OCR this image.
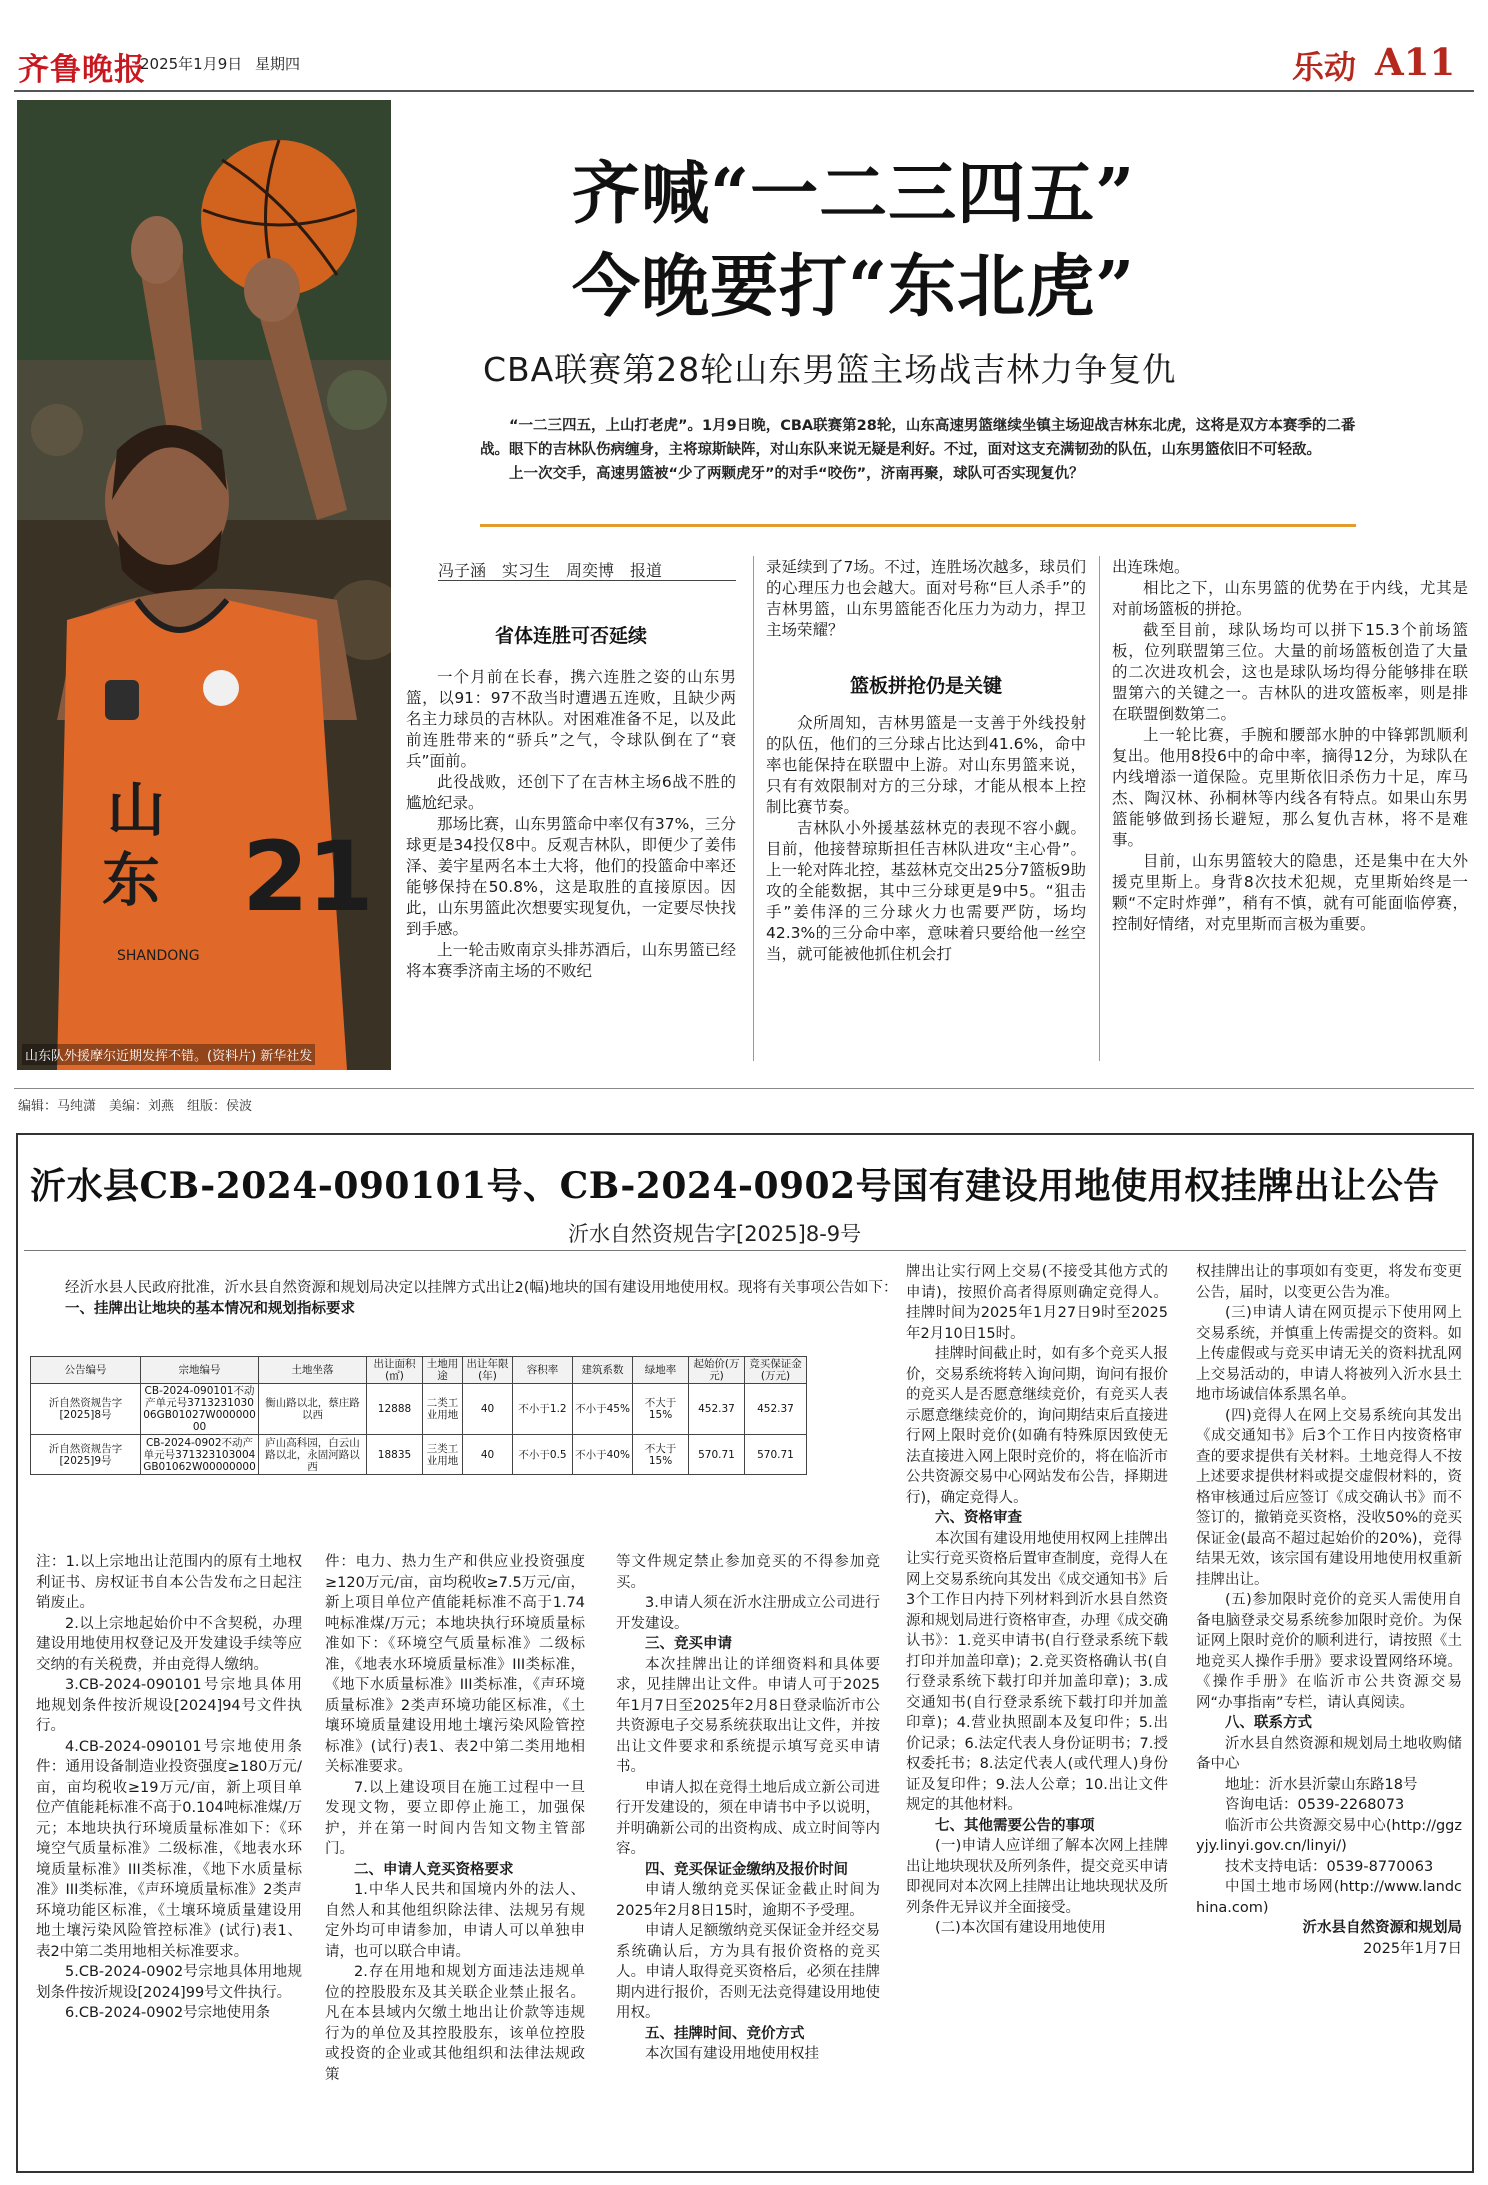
齐鲁晚报
2025年1月9日 星期四	乐动 A11
山
东 2
1
SHANDONG
山东队外援摩尔近期发挥不错。(资料片) 新华社发
齐喊“一二三四五”
今晚要打“东北虎”
CBA联赛第28轮山东男篮主场战吉林力争复仇

“一二三四五，上山打老虎”。1月9日晚，CBA联赛第28轮，山东高速男篮继续坐镇主场迎战吉林东北虎，这将是双方本赛季的二番战。眼下的吉林队伤病缠身，主将琼斯缺阵，对山东队来说无疑是利好。不过，面对这支充满韧劲的队伍，山东男篮依旧不可轻敌。

上一次交手，高速男篮被“少了两颗虎牙”的对手“咬伤”，济南再聚，球队可否实现复仇？

冯子涵　实习生　周奕博　报道
省体连胜可否延续

一个月前在长春，携六连胜之姿的山东男篮，以91：97不敌当时遭遇五连败，且缺少两名主力球员的吉林队。对困难准备不足，以及此前连胜带来的“骄兵”之气，令球队倒在了“衰兵”面前。

此役战败，还创下了在吉林主场6战不胜的尴尬纪录。

那场比赛，山东男篮命中率仅有37%，三分球更是34投仅8中。反观吉林队，即便少了姜伟泽、姜宇星两名本土大将，他们的投篮命中率还能够保持在50.8%，这是取胜的直接原因。因此，山东男篮此次想要实现复仇，一定要尽快找到手感。

上一轮击败南京头排苏酒后，山东男篮已经将本赛季济南主场的不败纪

录延续到了7场。不过，连胜场次越多，球员们的心理压力也会越大。面对号称“巨人杀手”的吉林男篮，山东男篮能否化压力为动力，捍卫主场荣耀？

篮板拼抢仍是关键

众所周知，吉林男篮是一支善于外线投射的队伍，他们的三分球占比达到41.6%，命中率也能保持在联盟中上游。对山东男篮来说，只有有效限制对方的三分球，才能从根本上控制比赛节奏。

吉林队小外援基兹林克的表现不容小觑。目前，他接替琼斯担任吉林队进攻“主心骨”。上一轮对阵北控，基兹林克交出25分7篮板9助攻的全能数据，其中三分球更是9中5。“狙击手”姜伟泽的三分球火力也需要严防，场均42.3%的三分命中率，意味着只要给他一丝空当，就可能被他抓住机会打

出连珠炮。

相比之下，山东男篮的优势在于内线，尤其是对前场篮板的拼抢。

截至目前，球队场均可以拼下15.3个前场篮板，位列联盟第三位。大量的前场篮板创造了大量的二次进攻机会，这也是球队场均得分能够排在联盟第六的关键之一。吉林队的进攻篮板率，则是排在联盟倒数第二。

上一轮比赛，手腕和腰部水肿的中锋郭凯顺利复出。他用8投6中的命中率，摘得12分，为球队在内线增添一道保险。克里斯依旧杀伤力十足，库马杰、陶汉林、孙桐林等内线各有特点。如果山东男篮能够做到扬长避短，那么复仇吉林，将不是难事。

目前，山东男篮较大的隐患，还是集中在大外援克里斯上。身背8次技术犯规，克里斯始终是一颗“不定时炸弹”，稍有不慎，就有可能面临停赛，控制好情绪，对克里斯而言极为重要。

编辑：马纯潇　美编：刘燕　组版：侯波
沂水县CB-2024-090101号、CB-2024-0902号国有建设用地使用权挂牌出让公告
沂水自然资规告字[2025]8-9号

经沂水县人民政府批准，沂水县自然资源和规划局决定以挂牌方式出让2(幅)地块的国有建设用地使用权。现将有关事项公告如下：

一、挂牌出让地块的基本情况和规划指标要求

公告编号	宗地编号	土地坐落	出让面积(㎡)	土地用途	出让年限(年)	容积率	建筑系数	绿地率	起始价(万元)	竞买保证金(万元)
沂自然资规告字[2025]8号	CB-2024-090101不动产单元号371323103006GB01027W00000000	衡山路以北，蔡庄路以西	12888	二类工业用地	40	不小于1.2	不小于45%	不大于15%	452.37	452.37
沂自然资规告字[2025]9号	CB-2024-0902不动产单元号371323103004GB01062W00000000	庐山高科园，白云山路以北，永固河路以西	18835	三类工业用地	40	不小于0.5	不小于40%	不大于15%	570.71	570.71

注：1.以上宗地出让范围内的原有土地权利证书、房权证书自本公告发布之日起注销废止。

2.以上宗地起始价中不含契税，办理建设用地使用权登记及开发建设手续等应交纳的有关税费，并由竞得人缴纳。

3.CB-2024-090101号宗地具体用地规划条件按沂规设[2024]94号文件执行。

4.CB-2024-090101号宗地使用条件：通用设备制造业投资强度≥180万元/亩，亩均税收≥19万元/亩，新上项目单位产值能耗标准不高于0.104吨标准煤/万元；本地块执行环境质量标准如下：《环境空气质量标准》二级标准，《地表水环境质量标准》III类标准，《地下水质量标准》III类标准，《声环境质量标准》2类声环境功能区标准，《土壤环境质量建设用地土壤污染风险管控标准》(试行)表1、表2中第二类用地相关标准要求。

5.CB-2024-0902号宗地具体用地规划条件按沂规设[2024]99号文件执行。

6.CB-2024-0902号宗地使用条

件：电力、热力生产和供应业投资强度≥120万元/亩，亩均税收≥7.5万元/亩，新上项目单位产值能耗标准不高于1.74吨标准煤/万元；本地块执行环境质量标准如下：《环境空气质量标准》二级标准，《地表水环境质量标准》III类标准，《地下水质量标准》III类标准，《声环境质量标准》2类声环境功能区标准，《土壤环境质量建设用地土壤污染风险管控标准》(试行)表1、表2中第二类用地相关标准要求。

7.以上建设项目在施工过程中一旦发现文物，要立即停止施工，加强保护，并在第一时间内告知文物主管部门。

二、申请人竞买资格要求

1.中华人民共和国境内外的法人、自然人和其他组织除法律、法规另有规定外均可申请参加，申请人可以单独申请，也可以联合申请。

2.存在用地和规划方面违法违规单位的控股股东及其关联企业禁止报名。凡在本县域内欠缴土地出让价款等违规行为的单位及其控股股东，该单位控股或投资的企业或其他组织和法律法规政策

等文件规定禁止参加竞买的不得参加竞买。

3.申请人须在沂水注册成立公司进行开发建设。

三、竞买申请

本次挂牌出让的详细资料和具体要求，见挂牌出让文件。申请人可于2025年1月7日至2025年2月8日登录临沂市公共资源电子交易系统获取出让文件，并按出让文件要求和系统提示填写竞买申请书。

申请人拟在竞得土地后成立新公司进行开发建设的，须在申请书中予以说明，并明确新公司的出资构成、成立时间等内容。

四、竞买保证金缴纳及报价时间

申请人缴纳竞买保证金截止时间为2025年2月8日15时，逾期不予受理。

申请人足额缴纳竞买保证金并经交易系统确认后，方为具有报价资格的竞买人。申请人取得竞买资格后，必须在挂牌期内进行报价，否则无法竞得建设用地使用权。

五、挂牌时间、竞价方式

本次国有建设用地使用权挂

牌出让实行网上交易(不接受其他方式的申请)，按照价高者得原则确定竞得人。挂牌时间为2025年1月27日9时至2025年2月10日15时。

挂牌时间截止时，如有多个竞买人报价，交易系统将转入询问期，询问有报价的竞买人是否愿意继续竞价，有竞买人表示愿意继续竞价的，询问期结束后直接进行网上限时竞价(如确有特殊原因致使无法直接进入网上限时竞价的，将在临沂市公共资源交易中心网站发布公告，择期进行)，确定竞得人。

六、资格审查

本次国有建设用地使用权网上挂牌出让实行竞买资格后置审查制度，竞得人在网上交易系统向其发出《成交通知书》后3个工作日内持下列材料到沂水县自然资源和规划局进行资格审查，办理《成交确认书》：1.竞买申请书(自行登录系统下载打印并加盖印章)；2.竞买资格确认书(自行登录系统下载打印并加盖印章)；3.成交通知书(自行登录系统下载打印并加盖印章)；4.营业执照副本及复印件；5.出价记录；6.法定代表人身份证明书；7.授权委托书；8.法定代表人(或代理人)身份证及复印件；9.法人公章；10.出让文件规定的其他材料。

七、其他需要公告的事项

(一)申请人应详细了解本次网上挂牌出让地块现状及所列条件，提交竞买申请即视同对本次网上挂牌出让地块现状及所列条件无异议并全面接受。

(二)本次国有建设用地使用

权挂牌出让的事项如有变更，将发布变更公告，届时，以变更公告为准。

(三)申请人请在网页提示下使用网上交易系统，并慎重上传需提交的资料。如上传虚假或与竞买申请无关的资料扰乱网上交易活动的，申请人将被列入沂水县土地市场诚信体系黑名单。

(四)竞得人在网上交易系统向其发出《成交通知书》后3个工作日内按资格审查的要求提供有关材料。土地竞得人不按上述要求提供材料或提交虚假材料的，资格审核通过后应签订《成交确认书》而不签订的，撤销竞买资格，没收50%的竞买保证金(最高不超过起始价的20%)，竞得结果无效，该宗国有建设用地使用权重新挂牌出让。

(五)参加限时竞价的竞买人需使用自备电脑登录交易系统参加限时竞价。为保证网上限时竞价的顺利进行，请按照《土地竞买人操作手册》要求设置网络环境。《操作手册》在临沂市公共资源交易网“办事指南”专栏，请认真阅读。

八、联系方式

沂水县自然资源和规划局土地收购储备中心

地址：沂水县沂蒙山东路18号

咨询电话：0539-2268073

临沂市公共资源交易中心(http://ggzyjy.linyi.gov.cn/linyi/)

技术支持电话：0539-8770063

中国土地市场网(http://www.landchina.com)

沂水县自然资源和规划局

2025年1月7日
